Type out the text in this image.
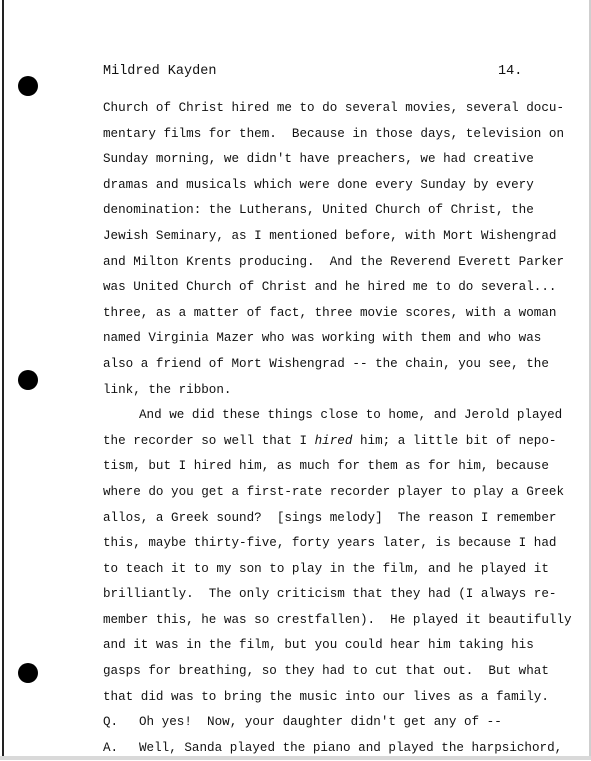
Mildred Kayden	14.
Church of Christ hired me to do several movies, several docu-
mentary films for them.  Because in those days, television on
Sunday morning, we didn't have preachers, we had creative
dramas and musicals which were done every Sunday by every
denomination: the Lutherans, United Church of Christ, the
Jewish Seminary, as I mentioned before, with Mort Wishengrad
and Milton Krents producing.  And the Reverend Everett Parker
was United Church of Christ and he hired me to do several...
three, as a matter of fact, three movie scores, with a woman
named Virginia Mazer who was working with them and who was
also a friend of Mort Wishengrad -- the chain, you see, the
link, the ribbon.
And we did these things close to home, and Jerold played
the recorder so well that I hired him; a little bit of nepo-
tism, but I hired him, as much for them as for him, because
where do you get a first-rate recorder player to play a Greek
allos, a Greek sound?  [sings melody]  The reason I remember
this, maybe thirty-five, forty years later, is because I had
to teach it to my son to play in the film, and he played it
brilliantly.  The only criticism that they had (I always re-
member this, he was so crestfallen).  He played it beautifully
and it was in the film, but you could hear him taking his
gasps for breathing, so they had to cut that out.  But what
that did was to bring the music into our lives as a family.
Q. Oh yes!  Now, your daughter didn't get any of --
A. Well, Sanda played the piano and played the harpsichord,
